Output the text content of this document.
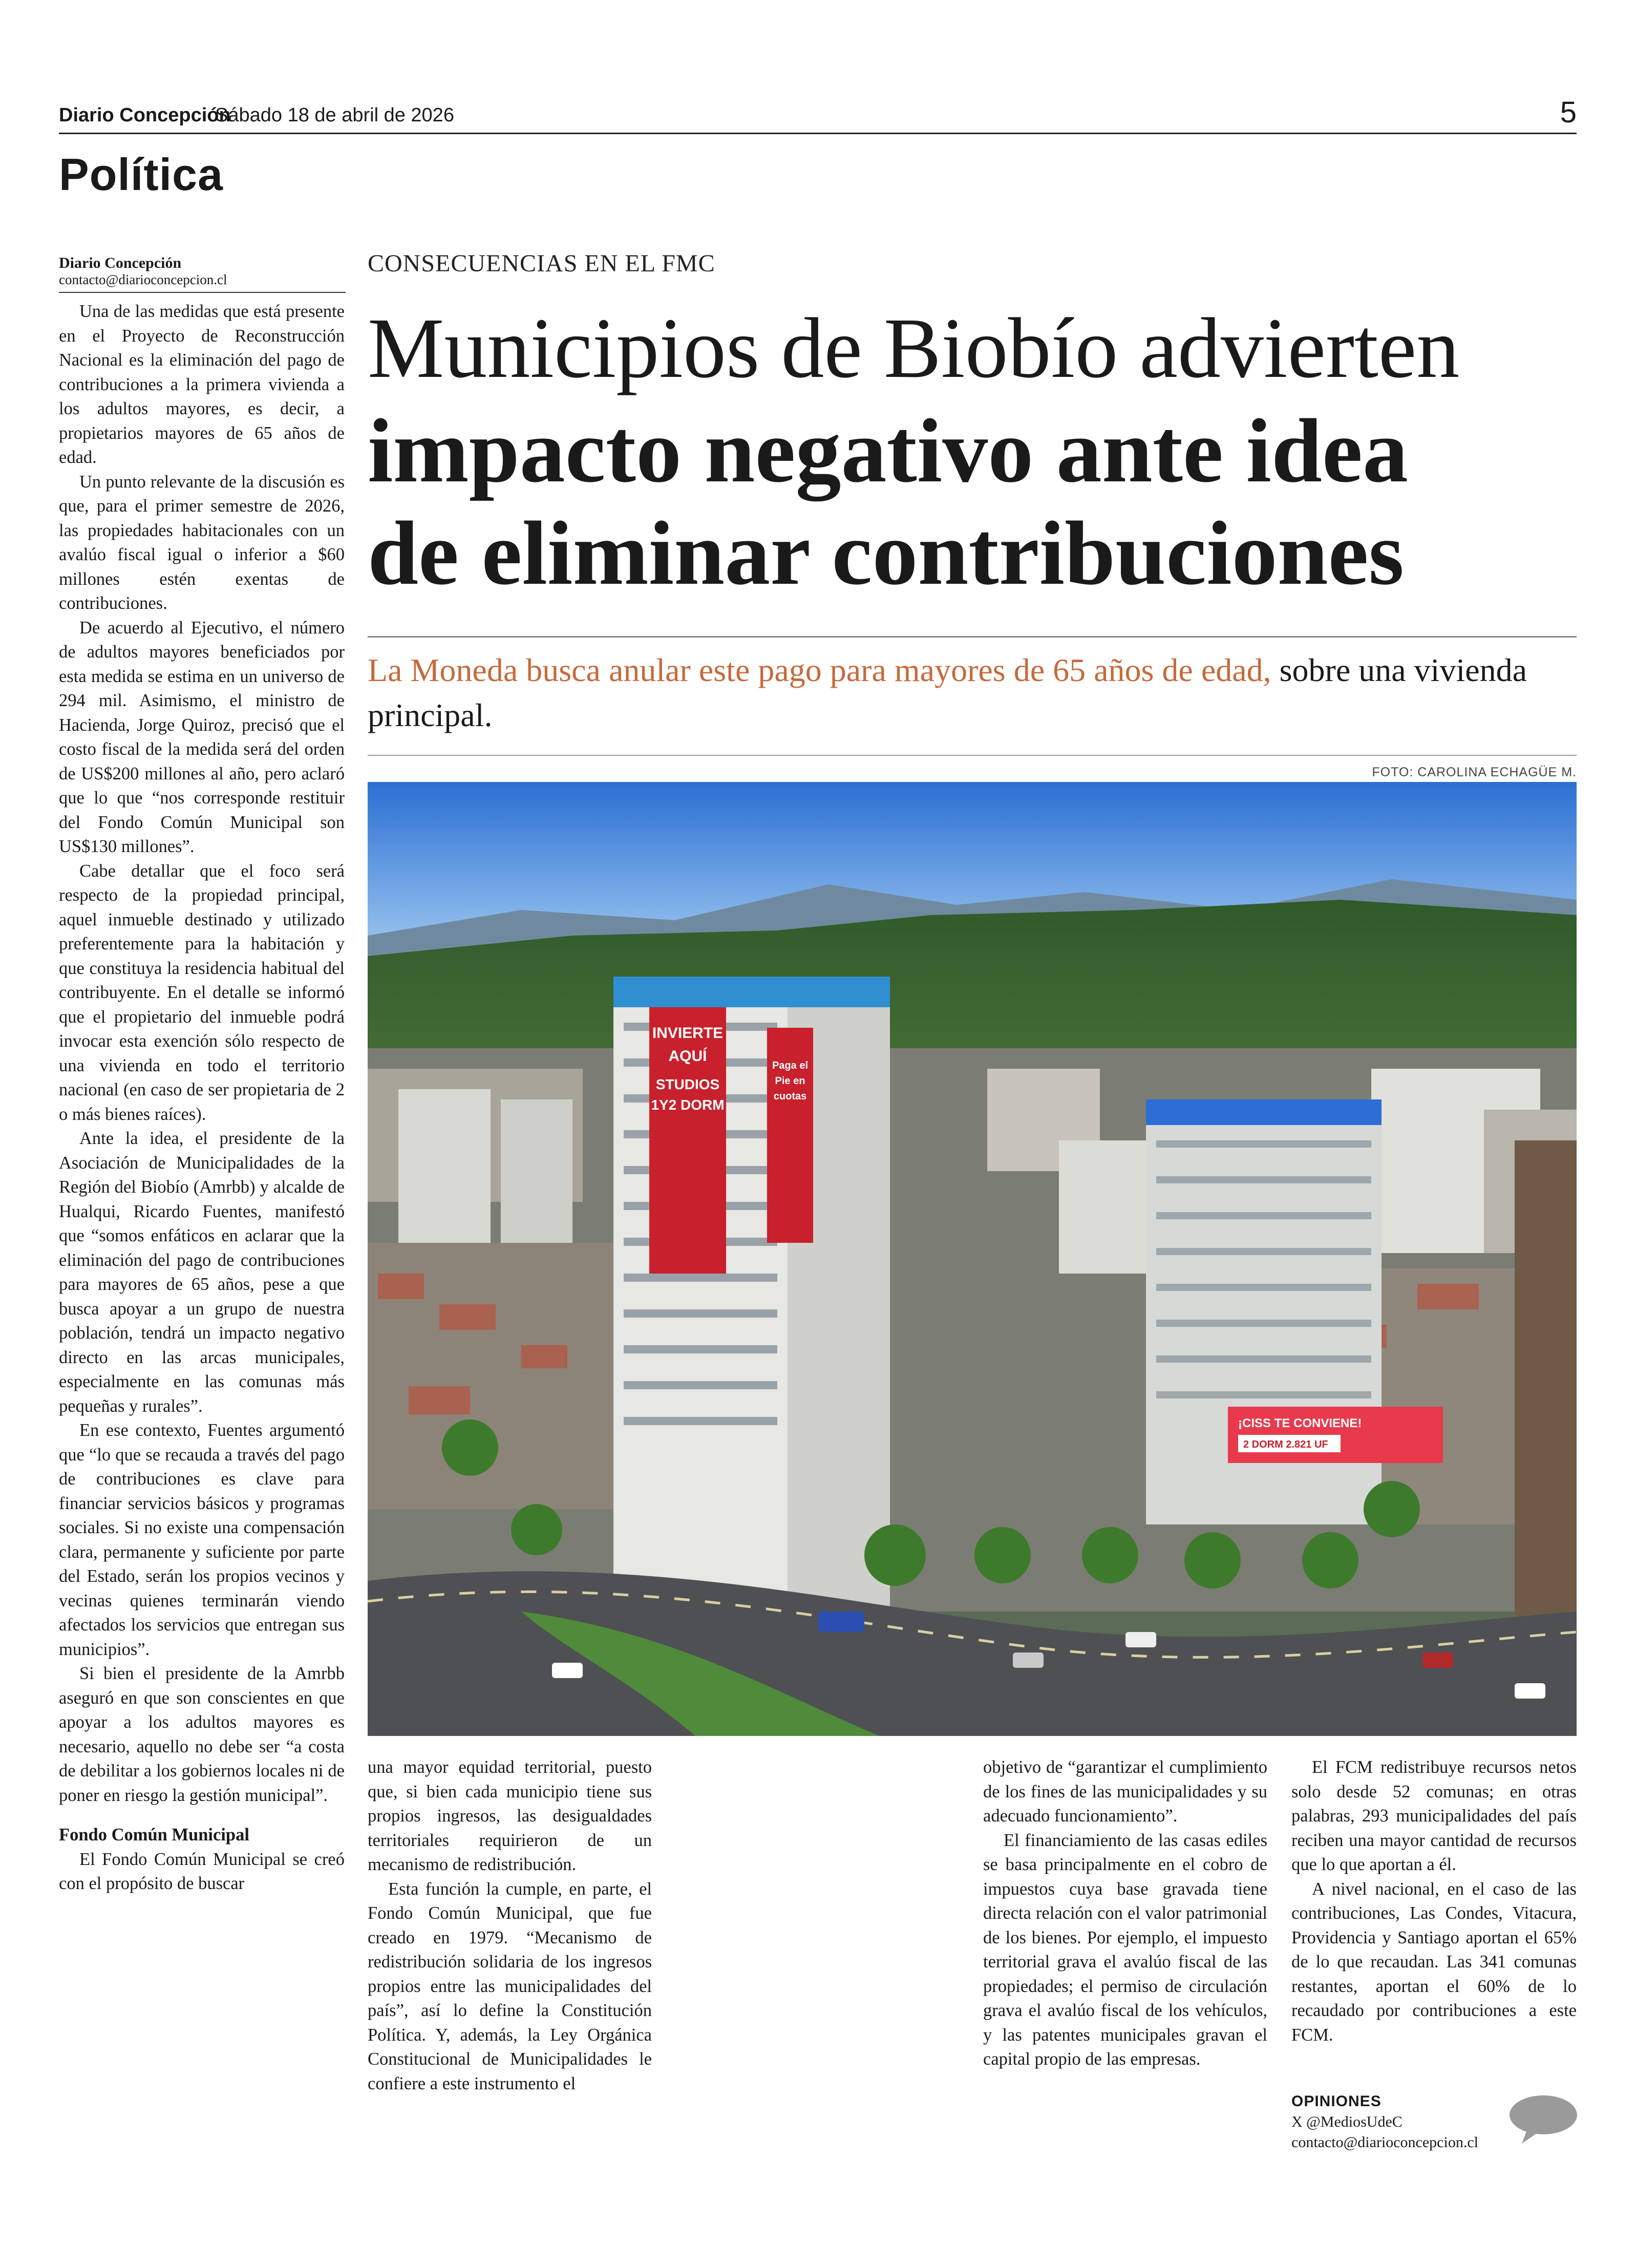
Diario Concepción
Sábado 18 de abril de 2026	5
Política
Diario Concepción
contacto@diarioconcepcion.cl
CONSECUENCIAS EN EL FMC
Municipios de Biobío advierten
impacto negativo ante idea
de eliminar contribuciones
La Moneda busca anular este pago para mayores de 65 años de edad, sobre una vivienda principal.
FOTO: CAROLINA ECHAGÜE M.
INVIERTE
AQUÍ
STUDIOS
1Y2 DORM
Paga el
Pie en
cuotas
¡CISS TE CONVIENE!
2 DORM 2.821 UF

Una de las medidas que está presente en el Proyecto de Reconstrucción Nacional es la eliminación del pago de contribuciones a la primera vivienda a los adultos mayores, es decir, a propietarios mayores de 65 años de edad.

Un punto relevante de la discusión es que, para el primer semestre de 2026, las propiedades habitacionales con un avalúo fiscal igual o inferior a $60 millones estén exentas de contribuciones.

De acuerdo al Ejecutivo, el número de adultos mayores beneficiados por esta medida se estima en un universo de 294 mil. Asimismo, el ministro de Hacienda, Jorge Quiroz, precisó que el costo fiscal de la medida será del orden de US$200 millones al año, pero aclaró que lo que “nos corresponde restituir del Fondo Común Municipal son US$130 millones”.

Cabe detallar que el foco será respecto de la propiedad principal, aquel inmueble destinado y utilizado preferentemente para la habitación y que constituya la residencia habitual del contribuyente. En el detalle se informó que el propietario del inmueble podrá invocar esta exención sólo respecto de una vivienda en todo el territorio nacional (en caso de ser propietaria de 2 o más bienes raíces).

Ante la idea, el presidente de la Asociación de Municipalidades de la Región del Biobío (Amrbb) y alcalde de Hualqui, Ricardo Fuentes, manifestó que “somos enfáticos en aclarar que la eliminación del pago de contribuciones para mayores de 65 años, pese a que busca apoyar a un grupo de nuestra población, tendrá un impacto negativo directo en las arcas municipales, especialmente en las comunas más pequeñas y rurales”.

En ese contexto, Fuentes argumentó que “lo que se recauda a través del pago de contribuciones es clave para financiar servicios básicos y programas sociales. Si no existe una compensación clara, permanente y suficiente por parte del Estado, serán los propios vecinos y vecinas quienes terminarán viendo afectados los servicios que entregan sus municipios”.

Si bien el presidente de la Amrbb aseguró en que son conscientes en que apoyar a los adultos mayores es necesario, aquello no debe ser “a costa de debilitar a los gobiernos locales ni de poner en riesgo la gestión municipal”.

Fondo Común Municipal

El Fondo Común Municipal se creó con el propósito de buscar

una mayor equidad territorial, puesto que, si bien cada municipio tiene sus propios ingresos, las desigualdades territoriales requirieron de un mecanismo de redistribución.

Esta función la cumple, en parte, el Fondo Común Municipal, que fue creado en 1979. “Mecanismo de redistribución solidaria de los ingresos propios entre las municipalidades del país”, así lo define la Constitución Política. Y, además, la Ley Orgánica Constitucional de Municipalidades le confiere a este instrumento el

objetivo de “garantizar el cumplimiento de los fines de las municipalidades y su adecuado funcionamiento”.

El financiamiento de las casas ediles se basa principalmente en el cobro de impuestos cuya base gravada tiene directa relación con el valor patrimonial de los bienes. Por ejemplo, el impuesto territorial grava el avalúo fiscal de las propiedades; el permiso de circulación grava el avalúo fiscal de los vehículos, y las patentes municipales gravan el capital propio de las empresas.

El FCM redistribuye recursos netos solo desde 52 comunas; en otras palabras, 293 municipalidades del país reciben una mayor cantidad de recursos que lo que aportan a él.

A nivel nacional, en el caso de las contribuciones, Las Condes, Vitacura, Providencia y Santiago aportan el 65% de lo que recaudan. Las 341 comunas restantes, aportan el 60% de lo recaudado por contribuciones a este FCM.

OPINIONES
X @MediosUdeC
contacto@diarioconcepcion.cl
